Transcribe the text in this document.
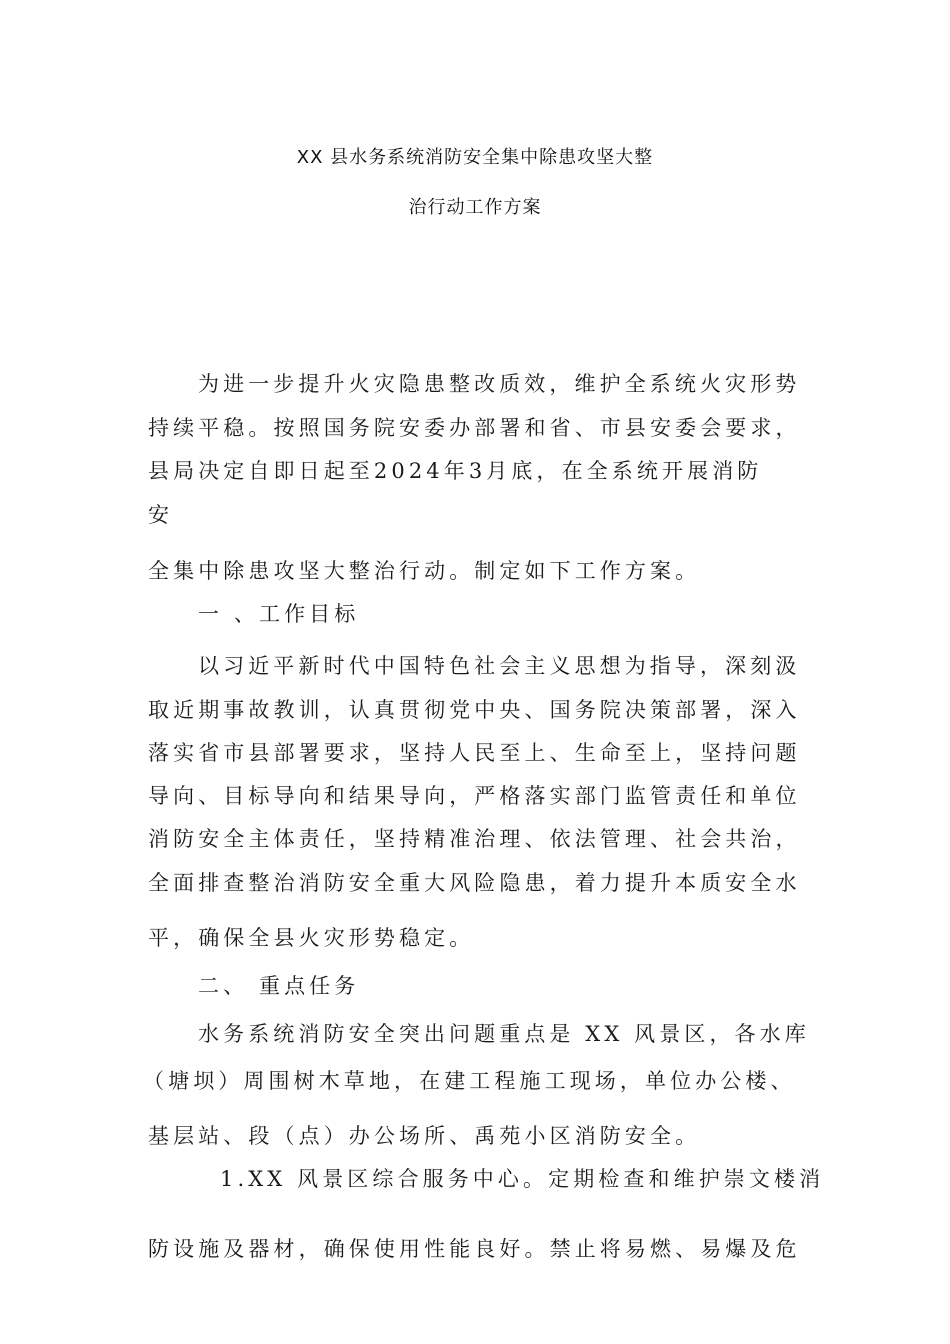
XX 县水务系统消防安全集中除患攻坚大整
治行动工作方案
为进一步提升火灾隐患整改质效，维护全系统火灾形势
持续平稳。按照国务院安委办部署和省、市县安委会要求，
县局决定自即日起至2024年3月底，在全系统开展消防
安
全集中除患攻坚大整治行动。制定如下工作方案。
一 、工作目标
以习近平新时代中国特色社会主义思想为指导，深刻汲
取近期事故教训，认真贯彻党中央、国务院决策部署，深入
落实省市县部署要求，坚持人民至上、生命至上，坚持问题
导向、目标导向和结果导向，严格落实部门监管责任和单位
消防安全主体责任，坚持精准治理、依法管理、社会共治，
全面排查整治消防安全重大风险隐患，着力提升本质安全水
平，确保全县火灾形势稳定。
二、 重点任务
水务系统消防安全突出问题重点是 XX 风景区，各水库
（塘坝）周围树木草地，在建工程施工现场，单位办公楼、
基层站、段（点）办公场所、禹苑小区消防安全。
1.XX 风景区综合服务中心。定期检查和维护崇文楼消
防设施及器材，确保使用性能良好。禁止将易燃、易爆及危
